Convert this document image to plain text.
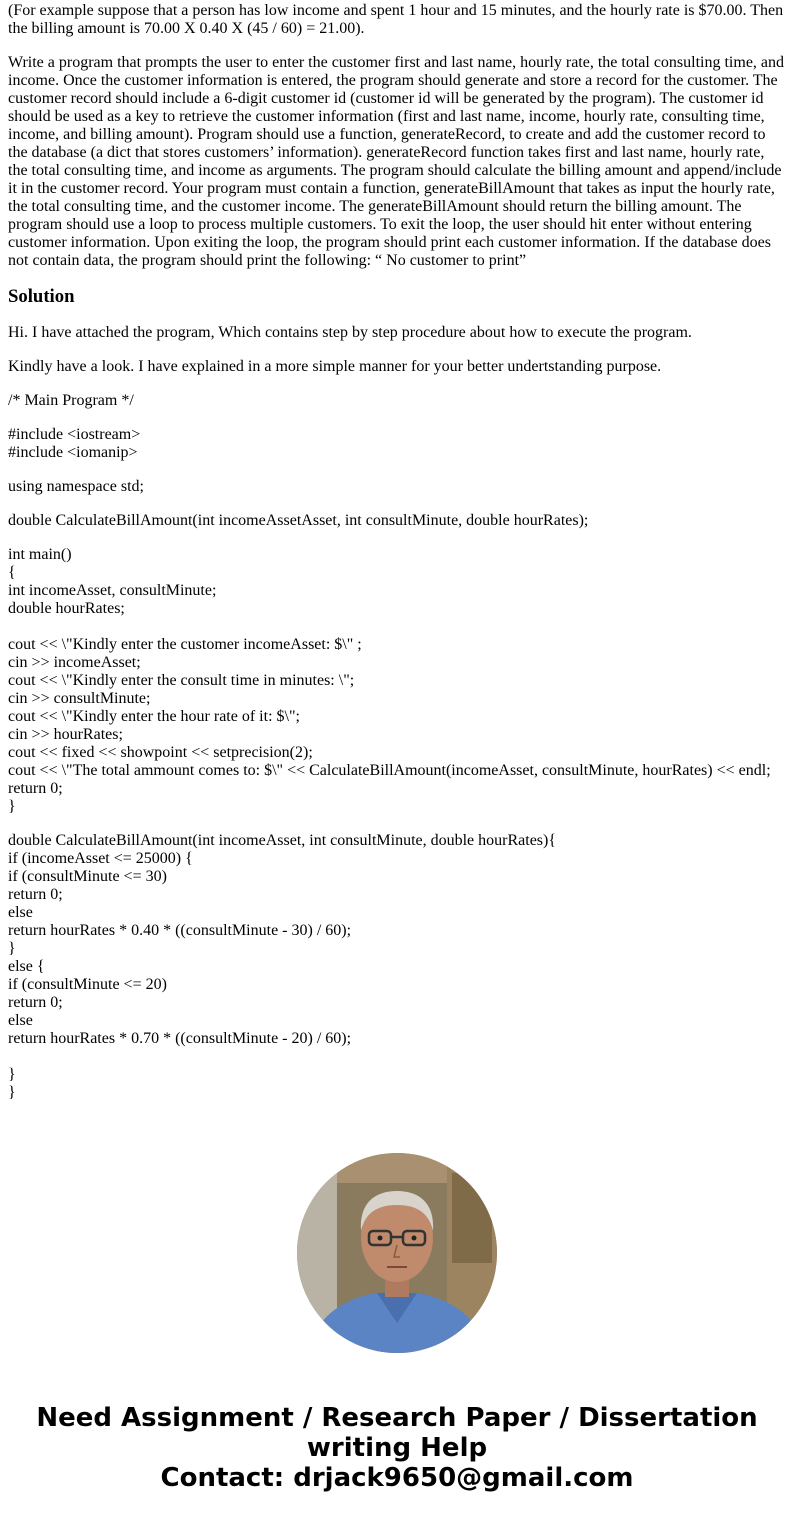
(For example suppose that a person has low income and spent 1 hour and 15 minutes, and the hourly rate is $70.00. Then the billing amount is 70.00 X 0.40 X (45 / 60) = 21.00).

Write a program that prompts the user to enter the customer first and last name, hourly rate, the total consulting time, and income. Once the customer information is entered, the program should generate and store a record for the customer. The customer record should include a 6-digit customer id (customer id will be generated by the program). The customer id should be used as a key to retrieve the customer information (first and last name, income, hourly rate, consulting time, income, and billing amount). Program should use a function, generateRecord, to create and add the customer record to the database (a dict that stores customers’ information). generateRecord function takes first and last name, hourly rate, the total consulting time, and income as arguments. The program should calculate the billing amount and append/include it in the customer record. Your program must contain a function, generateBillAmount that takes as input the hourly rate, the total consulting time, and the customer income. The generateBillAmount should return the billing amount. The program should use a loop to process multiple customers. To exit the loop, the user should hit enter without entering customer information. Upon exiting the loop, the program should print each customer information. If the database does not contain data, the program should print the following: “ No customer to print”

Solution

Hi. I have attached the program, Which contains step by step procedure about how to execute the program.

Kindly have a look. I have explained in a more simple manner for your better undertstanding purpose.

/* Main Program */

#include <iostream>
#include <iomanip>
using namespace std;
double CalculateBillAmount(int incomeAssetAsset, int consultMinute, double hourRates);
int main()
{
int incomeAsset, consultMinute;
double hourRates;
cout << \"Kindly enter the customer incomeAsset: $\" ;
cin >> incomeAsset;
cout << \"Kindly enter the consult time in minutes: \";
cin >> consultMinute;
cout << \"Kindly enter the hour rate of it: $\";
cin >> hourRates;
cout << fixed << showpoint << setprecision(2);
cout << \"The total ammount comes to: $\" << CalculateBillAmount(incomeAsset, consultMinute, hourRates) << endl;
return 0;
}
double CalculateBillAmount(int incomeAsset, int consultMinute, double hourRates){
if (incomeAsset <= 25000) {
if (consultMinute <= 30)
return 0;
else
return hourRates * 0.40 * ((consultMinute - 30) / 60);
}
else {
if (consultMinute <= 20)
return 0;
else
return hourRates * 0.70 * ((consultMinute - 20) / 60);
}
}
Need Assignment / Research Paper / Dissertation
writing Help
Contact: drjack9650@gmail.com
